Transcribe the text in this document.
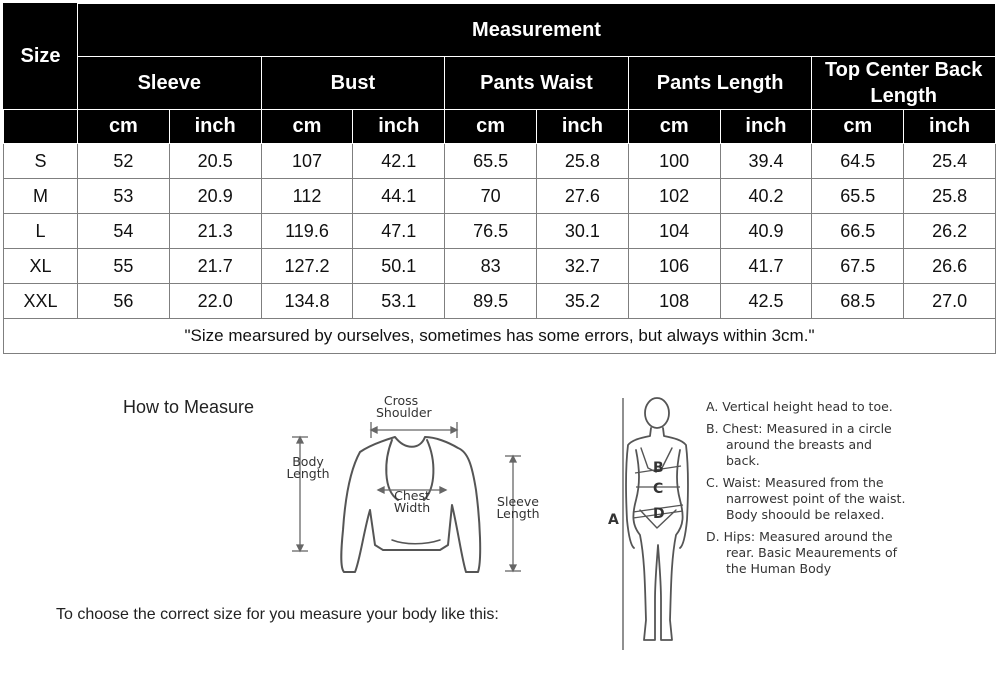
Size	Measurement									
	Sleeve		Bust		Pants Waist		Pants Length		Top Center Back Length	
	cm	inch	cm	inch	cm	inch	cm	inch	cm	inch
S	52	20.5	107	42.1	65.5	25.8	100	39.4	64.5	25.4
M	53	20.9	112	44.1	70	27.6	102	40.2	65.5	25.8
L	54	21.3	119.6	47.1	76.5	30.1	104	40.9	66.5	26.2
XL	55	21.7	127.2	50.1	83	32.7	106	41.7	67.5	26.6
XXL	56	22.0	134.8	53.1	89.5	35.2	108	42.5	68.5	27.0
"Size mearsured by ourselves, sometimes has some errors, but always within 3cm."										
How to Measure	Cross
Shoulder
Body
Length
Chest
Width	Sleeve
Length
To choose the correct size for you measure your body like this:
A
B
C
D

A. Vertical height head to toe.

B. Chest: Measured in a circle around the breasts and back.

C. Waist: Measured from the narrowest point of the waist. Body shoould be relaxed.

D. Hips: Measured around the rear. Basic Meaurements of the Human Body
